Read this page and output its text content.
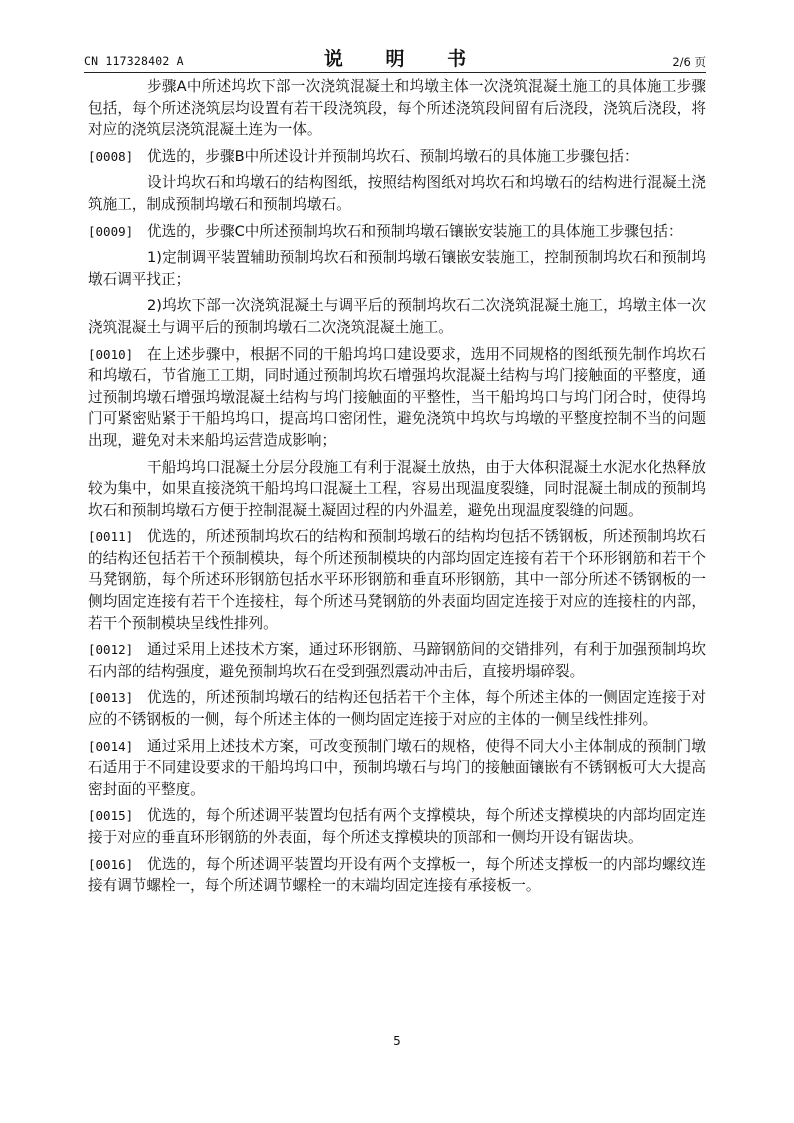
CN 117328402 A	说 明 书	2/6 页

步骤A中所述坞坎下部一次浇筑混凝土和坞墩主体一次浇筑混凝土施工的具体施工步骤包括，每个所述浇筑层均设置有若干段浇筑段，每个所述浇筑段间留有后浇段，浇筑后浇段，将对应的浇筑层浇筑混凝土连为一体。

[0008] 优选的，步骤B中所述设计并预制坞坎石、预制坞墩石的具体施工步骤包括：

设计坞坎石和坞墩石的结构图纸，按照结构图纸对坞坎石和坞墩石的结构进行混凝土浇筑施工，制成预制坞墩石和预制坞墩石。

[0009] 优选的，步骤C中所述预制坞坎石和预制坞墩石镶嵌安装施工的具体施工步骤包括：

1)定制调平装置辅助预制坞坎石和预制坞墩石镶嵌安装施工，控制预制坞坎石和预制坞墩石调平找正；

2)坞坎下部一次浇筑混凝土与调平后的预制坞坎石二次浇筑混凝土施工，坞墩主体一次浇筑混凝土与调平后的预制坞墩石二次浇筑混凝土施工。

[0010] 在上述步骤中，根据不同的干船坞坞口建设要求，选用不同规格的图纸预先制作坞坎石和坞墩石，节省施工工期，同时通过预制坞坎石增强坞坎混凝土结构与坞门接触面的平整度，通过预制坞墩石增强坞墩混凝土结构与坞门接触面的平整性，当干船坞坞口与坞门闭合时，使得坞门可紧密贴紧于干船坞坞口，提高坞口密闭性，避免浇筑中坞坎与坞墩的平整度控制不当的问题出现，避免对未来船坞运营造成影响；

干船坞坞口混凝土分层分段施工有利于混凝土放热，由于大体积混凝土水泥水化热释放较为集中，如果直接浇筑干船坞坞口混凝土工程，容易出现温度裂缝，同时混凝土制成的预制坞坎石和预制坞墩石方便于控制混凝土凝固过程的内外温差，避免出现温度裂缝的问题。

[0011] 优选的，所述预制坞坎石的结构和预制坞墩石的结构均包括不锈钢板，所述预制坞坎石的结构还包括若干个预制模块，每个所述预制模块的内部均固定连接有若干个环形钢筋和若干个马凳钢筋，每个所述环形钢筋包括水平环形钢筋和垂直环形钢筋，其中一部分所述不锈钢板的一侧均固定连接有若干个连接柱，每个所述马凳钢筋的外表面均固定连接于对应的连接柱的内部，若干个预制模块呈线性排列。

[0012] 通过采用上述技术方案，通过环形钢筋、马蹄钢筋间的交错排列，有利于加强预制坞坎石内部的结构强度，避免预制坞坎石在受到强烈震动冲击后，直接坍塌碎裂。

[0013] 优选的，所述预制坞墩石的结构还包括若干个主体，每个所述主体的一侧固定连接于对应的不锈钢板的一侧，每个所述主体的一侧均固定连接于对应的主体的一侧呈线性排列。

[0014] 通过采用上述技术方案，可改变预制门墩石的规格，使得不同大小主体制成的预制门墩石适用于不同建设要求的干船坞坞口中，预制坞墩石与坞门的接触面镶嵌有不锈钢板可大大提高密封面的平整度。

[0015] 优选的，每个所述调平装置均包括有两个支撑模块，每个所述支撑模块的内部均固定连接于对应的垂直环形钢筋的外表面，每个所述支撑模块的顶部和一侧均开设有锯齿块。

[0016] 优选的，每个所述调平装置均开设有两个支撑板一，每个所述支撑板一的内部均螺纹连接有调节螺栓一，每个所述调节螺栓一的末端均固定连接有承接板一。

5
